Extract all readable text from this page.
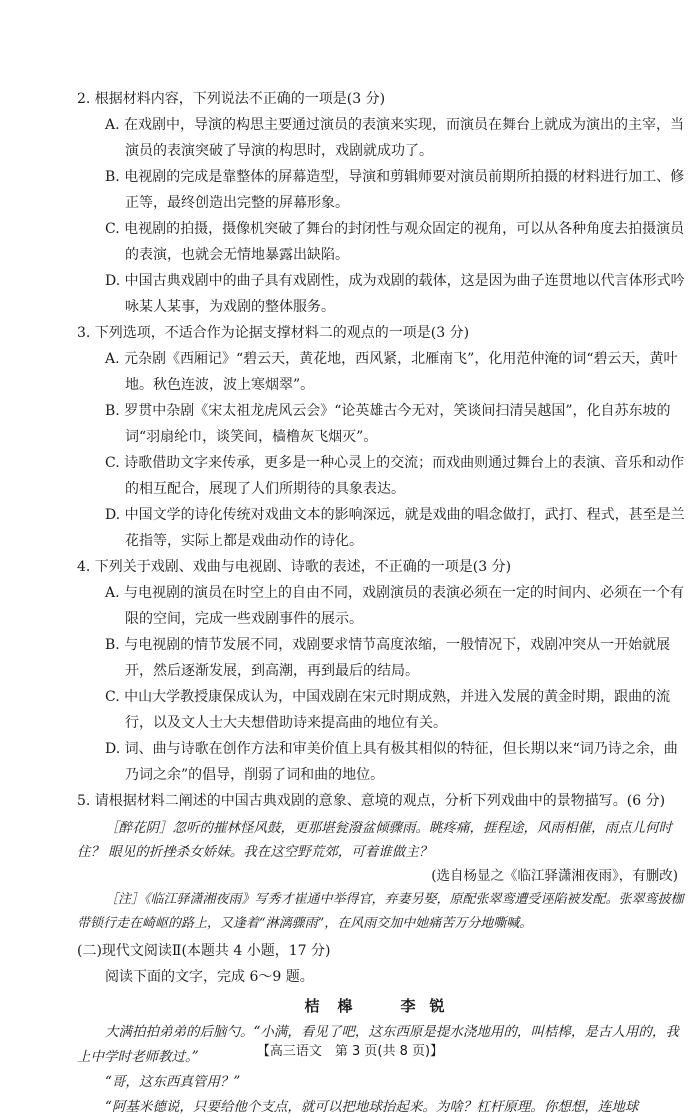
2. 根据材料内容，下列说法不正确的一项是(3 分)

A. 在戏剧中，导演的构思主要通过演员的表演来实现，而演员在舞台上就成为演出的主宰，当演员的表演突破了导演的构思时，戏剧就成功了。

B. 电视剧的完成是靠整体的屏幕造型，导演和剪辑师要对演员前期所拍摄的材料进行加工、修正等，最终创造出完整的屏幕形象。

C. 电视剧的拍摄，摄像机突破了舞台的封闭性与观众固定的视角，可以从各种角度去拍摄演员的表演，也就会无情地暴露出缺陷。

D. 中国古典戏剧中的曲子具有戏剧性，成为戏剧的载体，这是因为曲子连贯地以代言体形式吟咏某人某事，为戏剧的整体服务。

3. 下列选项，不适合作为论据支撑材料二的观点的一项是(3 分)

A. 元杂剧《西厢记》“碧云天，黄花地，西风紧，北雁南飞”，化用范仲淹的词“碧云天，黄叶地。秋色连波，波上寒烟翠”。

B. 罗贯中杂剧《宋太祖龙虎风云会》“论英雄古今无对，笑谈间扫清吴越国”，化自苏东坡的词“羽扇纶巾，谈笑间，樯橹灰飞烟灭”。

C. 诗歌借助文字来传承，更多是一种心灵上的交流；而戏曲则通过舞台上的表演、音乐和动作的相互配合，展现了人们所期待的具象表达。

D. 中国文学的诗化传统对戏曲文本的影响深远，就是戏曲的唱念做打，武打、程式，甚至是兰花指等，实际上都是戏曲动作的诗化。

4. 下列关于戏剧、戏曲与电视剧、诗歌的表述，不正确的一项是(3 分)

A. 与电视剧的演员在时空上的自由不同，戏剧演员的表演必须在一定的时间内、必须在一个有限的空间，完成一些戏剧事件的展示。

B. 与电视剧的情节发展不同，戏剧要求情节高度浓缩，一般情况下，戏剧冲突从一开始就展开，然后逐渐发展，到高潮，再到最后的结局。

C. 中山大学教授康保成认为，中国戏剧在宋元时期成熟，并进入发展的黄金时期，跟曲的流行，以及文人士大夫想借助诗来提高曲的地位有关。

D. 词、曲与诗歌在创作方法和审美价值上具有极其相似的特征，但长期以来“词乃诗之余，曲乃词之余”的倡导，削弱了词和曲的地位。

5. 请根据材料二阐述的中国古典戏剧的意象、意境的观点，分析下列戏曲中的景物描写。(6 分)

［醉花阴］忽听的摧林怪风鼓，更那堪瓮潑盆倾骤雨。眺疼痛，捱程途，风雨相催，雨点儿何时住？ 眼见的折挫杀女娇妹。我在这空野荒郊，可着谁做主？

(选自杨显之《临江驿潇湘夜雨》，有删改)

［注］《临江驿潇湘夜雨》写秀才崔通中举得官，弃妻另娶，原配张翠鸾遭受诬陷被发配。张翠鸾披枷带锁行走在崎岖的路上，又逢着“淋漓骤雨”，在风雨交加中她痛苦万分地嘶喊。

(二)现代文阅读Ⅱ(本题共 4 小题，17 分)

阅读下面的文字，完成 6～9 题。

桔槔 李锐

大满拍拍弟弟的后脑勺。“小满，看见了吧，这东西原是提水浇地用的，叫桔槔，是古人用的，我上中学时老师教过。”

“哥，这东西真管用？”

“阿基米德说，只要给他个支点，就可以把地球抬起来。为啥？杠杆原理。你想想，连地球

【高三语文　第 3 页(共 8 页)】
